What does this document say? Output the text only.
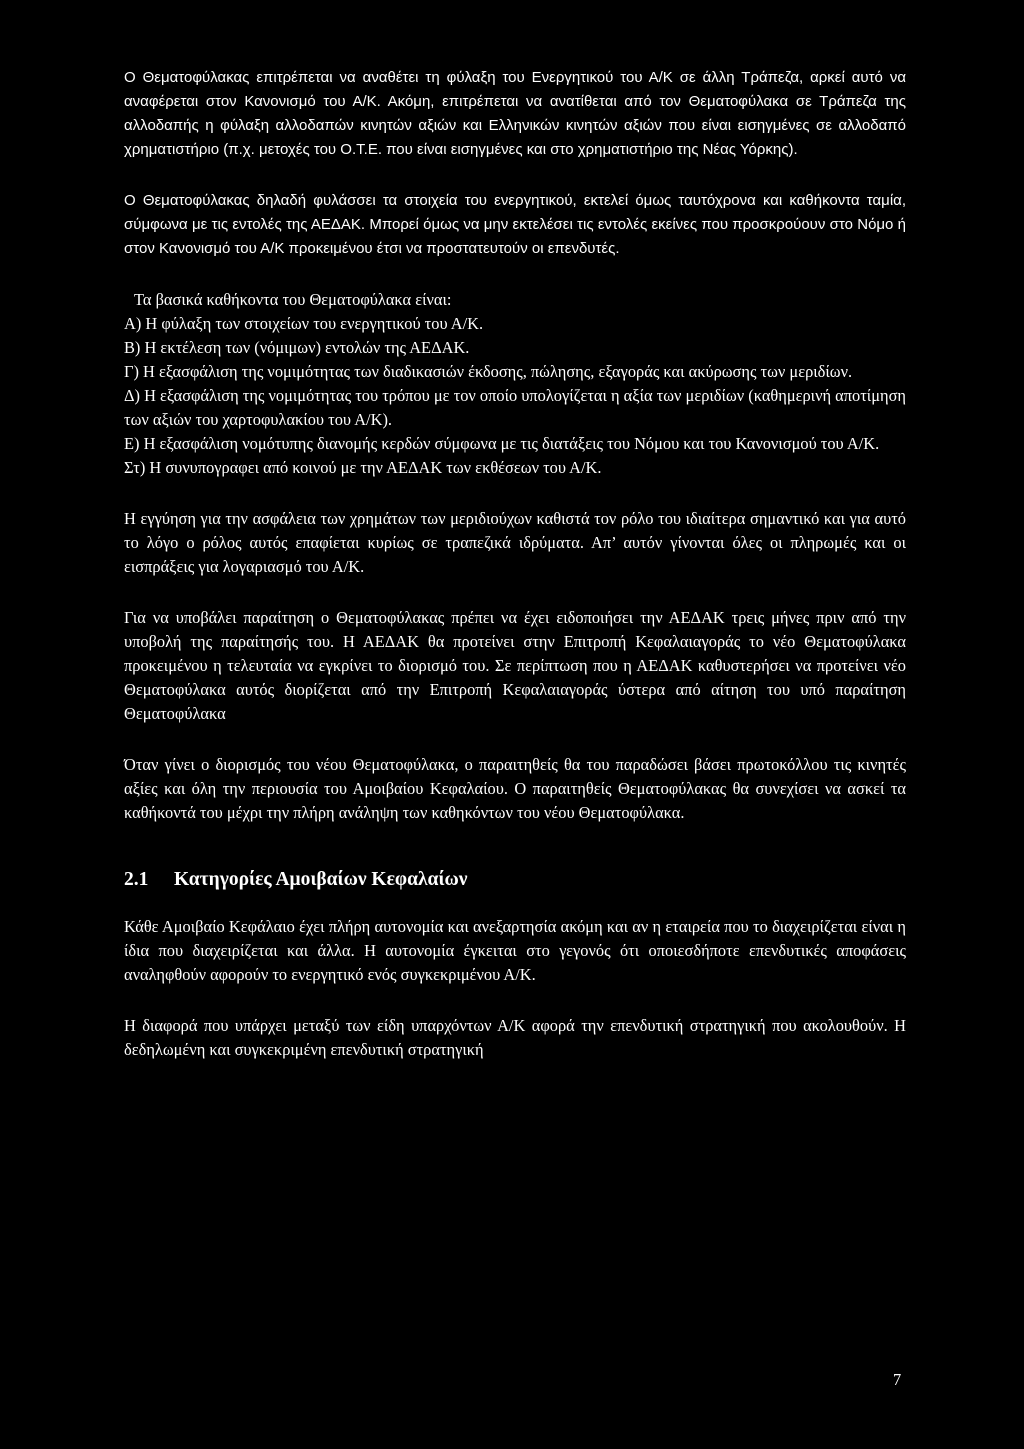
Ο Θεματοφύλακας επιτρέπεται να αναθέτει τη φύλαξη του Ενεργητικού του Α/Κ σε άλλη Τράπεζα, αρκεί αυτό να αναφέρεται στον Κανονισμό του Α/Κ. Ακόμη, επιτρέπεται να ανατίθεται από τον Θεματοφύλακα σε Τράπεζα της αλλοδαπής η φύλαξη αλλοδαπών κινητών αξιών και Ελληνικών κινητών αξιών που είναι εισηγμένες σε αλλοδαπό χρηματιστήριο (π.χ. μετοχές του Ο.Τ.Ε. που είναι εισηγμένες και στο χρηματιστήριο της Νέας Υόρκης).

Ο Θεματοφύλακας δηλαδή φυλάσσει τα στοιχεία του ενεργητικού, εκτελεί όμως ταυτόχρονα και καθήκοντα ταμία, σύμφωνα με τις εντολές της ΑΕΔΑΚ. Μπορεί όμως να μην εκτελέσει τις εντολές εκείνες που προσκρούουν στο Νόμο ή στον Κανονισμό του Α/Κ προκειμένου έτσι να προστατευτούν οι επενδυτές.

Τα βασικά καθήκοντα του Θεματοφύλακα είναι:

Α) Η φύλαξη των στοιχείων του ενεργητικού του Α/Κ.

Β) Η εκτέλεση των (νόμιμων) εντολών της ΑΕΔΑΚ.

Γ) Η εξασφάλιση της νομιμότητας των διαδικασιών έκδοσης, πώλησης, εξαγοράς και ακύρωσης των μεριδίων.

Δ) Η εξασφάλιση της νομιμότητας του τρόπου με τον οποίο υπολογίζεται η αξία των μεριδίων (καθημερινή αποτίμηση των αξιών του χαρτοφυλακίου του Α/Κ).

Ε) Η εξασφάλιση νομότυπης διανομής κερδών σύμφωνα με τις διατάξεις του Νόμου και του Κανονισμού του Α/Κ.

Στ) Η συνυπογραφει από κοινού με την ΑΕΔΑΚ των εκθέσεων του Α/Κ.

Η εγγύηση για την ασφάλεια των χρημάτων των μεριδιούχων καθιστά τον ρόλο του ιδιαίτερα σημαντικό και για αυτό το λόγο ο ρόλος αυτός επαφίεται κυρίως σε τραπεζικά ιδρύματα. Απ’ αυτόν γίνονται όλες οι πληρωμές και οι εισπράξεις για λογαριασμό του Α/Κ.

Για να υποβάλει παραίτηση ο Θεματοφύλακας πρέπει να έχει ειδοποιήσει την ΑΕΔΑΚ τρεις μήνες πριν από την υποβολή της παραίτησής του. Η ΑΕΔΑΚ θα προτείνει στην Επιτροπή Κεφαλαιαγοράς το νέο Θεματοφύλακα προκειμένου η τελευταία να εγκρίνει το διορισμό του. Σε περίπτωση που η ΑΕΔΑΚ καθυστερήσει να προτείνει νέο Θεματοφύλακα αυτός διορίζεται από την Επιτροπή Κεφαλαιαγοράς ύστερα από αίτηση του υπό παραίτηση Θεματοφύλακα

Όταν γίνει ο διορισμός του νέου Θεματοφύλακα, ο παραιτηθείς θα του παραδώσει βάσει πρωτοκόλλου τις κινητές αξίες και όλη την περιουσία του Αμοιβαίου Κεφαλαίου. Ο παραιτηθείς Θεματοφύλακας θα συνεχίσει να ασκεί τα καθήκοντά του μέχρι την πλήρη ανάληψη των καθηκόντων του νέου Θεματοφύλακα.

2.1 Κατηγορίες Αμοιβαίων Κεφαλαίων

Κάθε Αμοιβαίο Κεφάλαιο έχει πλήρη αυτονομία και ανεξαρτησία ακόμη και αν η εταιρεία που το διαχειρίζεται είναι η ίδια που διαχειρίζεται και άλλα. Η αυτονομία έγκειται στο γεγονός ότι οποιεσδήποτε επενδυτικές αποφάσεις αναληφθούν αφορούν το ενεργητικό ενός συγκεκριμένου Α/Κ.

Η διαφορά που υπάρχει μεταξύ των είδη υπαρχόντων Α/Κ αφορά την επενδυτική στρατηγική που ακολουθούν. Η δεδηλωμένη και συγκεκριμένη επενδυτική στρατηγική

7
